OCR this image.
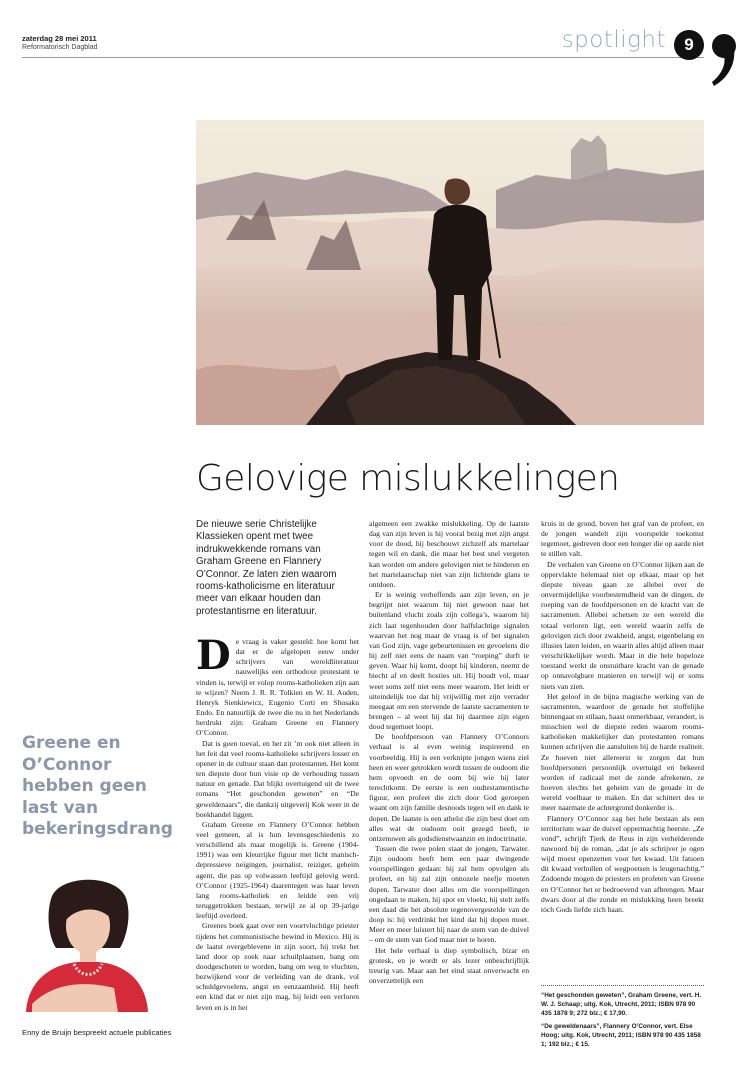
zaterdag 28 mei 2011
Reformatorisch Dagblad	spotlight	9
Gelovige mislukkelingen
De nieuwe serie Christelijke Klassieken opent met twee indrukwekkende romans van Graham Greene en Flannery O’Connor. Ze laten zien waarom rooms-katholicisme en literatuur meer van elkaar houden dan protestantisme en literatuur.

De vraag is vaker gesteld: hoe komt het dat er de afgelopen eeuw onder schrijvers van wereldliteratuur nauwelijks een orthodoxe protestant te vinden is, terwijl er volop rooms-katholieken zijn aan te wijzen? Neem J. R. R. Tolkien en W. H. Auden, Henryk Sienkiewicz, Eugenio Corti en Shusaku Endo. En natuurlijk de twee die nu in het Nederlands herdrukt zijn: Graham Greene en Flannery O’Connor.

Dat is geen toeval, en het zit ’m ook niet alleen in het feit dat veel rooms-katholieke schrijvers losser en opener in de cultuur staan dan protestanten. Het komt ten diepste door hun visie op de verhouding tussen natuur en genade. Dat blijkt overtuigend uit de twee romans “Het geschonden geweten” en “De geweldenaars”, die dankzij uitgeverij Kok weer in de boekhandel liggen.

Graham Greene en Flannery O’Connor hebben veel gemeen, al is hun levensgeschiedenis zo verschillend als maar mogelijk is. Greene (1904-1991) was een kleurrijke figuur met licht manisch-depressieve neigingen, journalist, reiziger, geheim agent, die pas op volwassen leeftijd gelovig werd. O’Connor (1925-1964) daarentegen was haar leven lang rooms-katholiek en leidde een vrij teruggetrokken bestaan, terwijl ze al op 39-jarige leeftijd overleed.

Greenes boek gaat over een voortvluchtige priester tijdens het communistische bewind in Mexico. Hij is de laatst overgeblevene in zijn soort, hij trekt het land door op zoek naar schuilplaatsen, bang om doodgeschoten te worden, bang om weg te vluchten, bezwijkend voor de verleiding van de drank, vol schuldgevoelens, angst en eenzaamheid. Hij heeft een kind dat er niet zijn mag, hij leidt een verloren leven en is in het

algemeen een zwakke mislukkeling. Op de laatste dag van zijn leven is hij vooral bezig met zijn angst voor de dood, hij beschouwt zichzelf als martelaar tegen wil en dank, die maar het best snel vergeten kan worden om andere gelovigen niet te hinderen en het martelaarschap niet van zijn lichtende glans te ontdoen.

Er is weinig verheffends aan zijn leven, en je begrijpt niet waarom hij niet gewoon naar het buitenland vlucht zoals zijn collega’s, waarom hij zich laat tegenhouden door halfslachtige signalen waarvan het nog maar de vraag is of het signalen van God zijn, vage gebeurtenissen en gevoelens die hij zelf niet eens de naam van “roeping” durft te geven. Waar hij komt, doopt hij kinderen, neemt de biecht af en deelt hosties uit. Hij houdt vol, maar weet soms zelf niet eens meer waarom. Het leidt er uiteindelijk toe dat hij vrijwillig met zijn verrader meegaat om een stervende de laatste sacramenten te brengen – al weet hij dat hij daarmee zijn eigen dood tegemoet loopt.

De hoofdpersoon van Flannery O’Connors verhaal is al even weinig inspirerend en voorbeeldig. Hij is een verknipte jongen wiens ziel heen en weer getrokken wordt tussen de oudoom die hem opvoedt en de oom bij wie hij later terechtkomt. De eerste is een oudtestamentische figuur, een profeet die zich door God geroepen waant om zijn familie desnoods tegen wil en dank te dopen. De laatste is een atheïst die zijn best doet om alles wat de oudoom ooit gezegd heeft, te ontzenuwen als godsdienstwaanzin en indoctrinatie.

Tussen die twee polen staat de jongen, Tarwater. Zijn oudoom heeft hem een paar dwingende voorspellingen gedaan: hij zal hem opvolgen als profeet, en hij zal zijn onnozele neefje moeten dopen. Tarwater doet alles om die voorspellingen ongedaan te maken, hij spot en vloekt, hij stelt zelfs een daad die het absolute tegenovergestelde van de doop is: hij verdrinkt het kind dat hij dopen moet. Meer en meer luistert hij naar de stem van de duivel – om de stem van God maar niet te horen.

Het hele verhaal is diep symbolisch, bizar en grotesk, en je wordt er als lezer onbeschrijflijk treurig van. Maar aan het eind staat onverwacht en onverzettelijk een

kruis in de grond, boven het graf van de profeet, en de jongen wandelt zijn voorspelde toekomst tegemoet, gedreven door een honger die op aarde niet te stillen valt.

De verhalen van Greene en O’Connor lijken aan de oppervlakte helemaal niet op elkaar, maar op het diepste niveau gaan ze allebei over de onvermijdelijke voorbestemdheid van de dingen, de roeping van de hoofdpersonen en de kracht van de sacramenten. Allebei schetsen ze een wereld die totaal verloren ligt, een wereld waarin zelfs de gelovigen zich door zwakheid, angst, eigenbelang en illusies laten leiden, en waarin alles altijd alleen maar verschrikkelijker wordt. Maar in die hele hopeloze toestand werkt de onstuitbare kracht van de genade op onnavolgbare manieren en terwijl wij er soms niets van zien.

Het geloof in de bijna magische werking van de sacramenten, waardoor de genade het stoffelijke binnengaat en stilaan, haast onmerkbaar, verandert, is misschien wel de diepste reden waarom rooms-katholieken makkelijker dan protestanten romans kunnen schrijven die aansluiten bij de harde realiteit. Ze hoeven niet allereerst te zorgen dat hun hoofdpersonen persoonlijk overtuigd en bekeerd worden of radicaal met de zonde afrekenen, ze hoeven slechts het geheim van de genade in de wereld voelbaar te maken. En dat schittert des te meer naarmate de achtergrond donkerder is.

Flannery O’Connor zag het hele bestaan als een territorium waar de duivel oppermachtig heerste. „Ze vond”, schrijft Tjerk de Reus in zijn verhelderende nawoord bij de roman, „dat je als schrijver je ogen wijd moest openzetten voor het kwaad. Uit fatsoen dit kwaad verhullen of wegpoetsen is leugenachtig.” Zodoende mogen de priesters en profeten van Greene en O’Connor het er bedroevend van afbrengen. Maar dwars door al die zonde en mislukking heen breekt tóch Gods liefde zich baan.

Greene en O’Connor hebben geen last van bekeringsdrang
Enny de Bruijn bespreekt actuele publicaties

“Het geschonden geweten”, Graham Greene, vert. H. W. J. Schaap; uitg. Kok, Utrecht, 2011; ISBN 978 90 435 1878 9; 272 blz.; € 17,90.

“De geweldenaars”, Flannery O’Connor, vert. Else Hoog; uitg. Kok, Utrecht, 2011; ISBN 978 90 435 1858 1; 192 blz.; € 15.
